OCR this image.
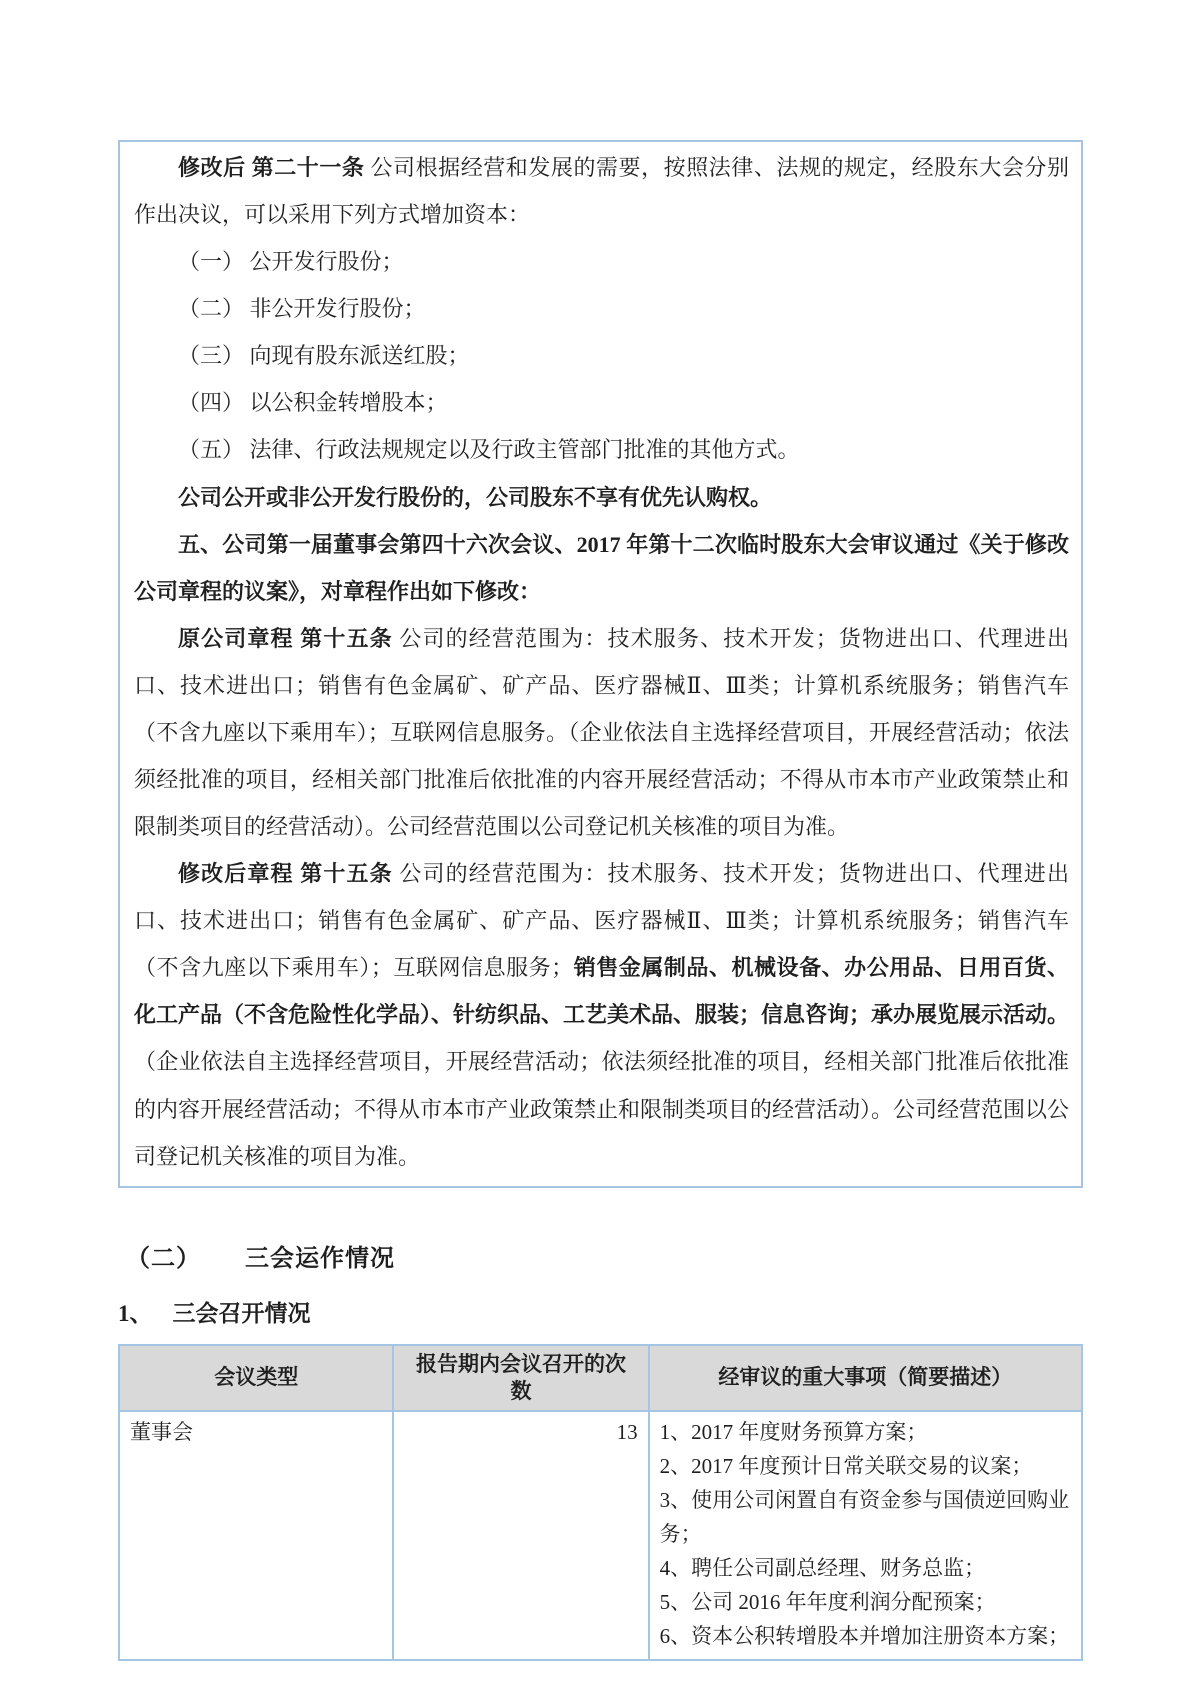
修改后 第二十一条 公司根据经营和发展的需要，按照法律、法规的规定，经股东大会分别作出决议，可以采用下列方式增加资本：

（一） 公开发行股份；

（二） 非公开发行股份；

（三） 向现有股东派送红股；

（四） 以公积金转增股本；

（五） 法律、行政法规规定以及行政主管部门批准的其他方式。

公司公开或非公开发行股份的，公司股东不享有优先认购权。

五、公司第一届董事会第四十六次会议、2017 年第十二次临时股东大会审议通过《关于修改公司章程的议案》，对章程作出如下修改：

原公司章程 第十五条 公司的经营范围为：技术服务、技术开发；货物进出口、代理进出口、技术进出口；销售有色金属矿、矿产品、医疗器械Ⅱ、Ⅲ类；计算机系统服务；销售汽车（不含九座以下乘用车）；互联网信息服务。（企业依法自主选择经营项目，开展经营活动；依法须经批准的项目，经相关部门批准后依批准的内容开展经营活动；不得从市本市产业政策禁止和限制类项目的经营活动）。公司经营范围以公司登记机关核准的项目为准。

修改后章程 第十五条 公司的经营范围为：技术服务、技术开发；货物进出口、代理进出口、技术进出口；销售有色金属矿、矿产品、医疗器械Ⅱ、Ⅲ类；计算机系统服务；销售汽车（不含九座以下乘用车）；互联网信息服务；销售金属制品、机械设备、办公用品、日用百货、化工产品（不含危险性化学品）、针纺织品、工艺美术品、服装；信息咨询；承办展览展示活动。（企业依法自主选择经营项目，开展经营活动；依法须经批准的项目，经相关部门批准后依批准的内容开展经营活动；不得从市本市产业政策禁止和限制类项目的经营活动）。公司经营范围以公司登记机关核准的项目为准。

（二） 三会运作情况
1、 三会召开情况
会议类型	报告期内会议召开的次数	经审议的重大事项（简要描述）
董事会	13	1、2017 年度财务预算方案；
2、2017 年度预计日常关联交易的议案；
3、使用公司闲置自有资金参与国债逆回购业务；
4、聘任公司副总经理、财务总监；
5、公司 2016 年年度利润分配预案；
6、资本公积转增股本并增加注册资本方案；
